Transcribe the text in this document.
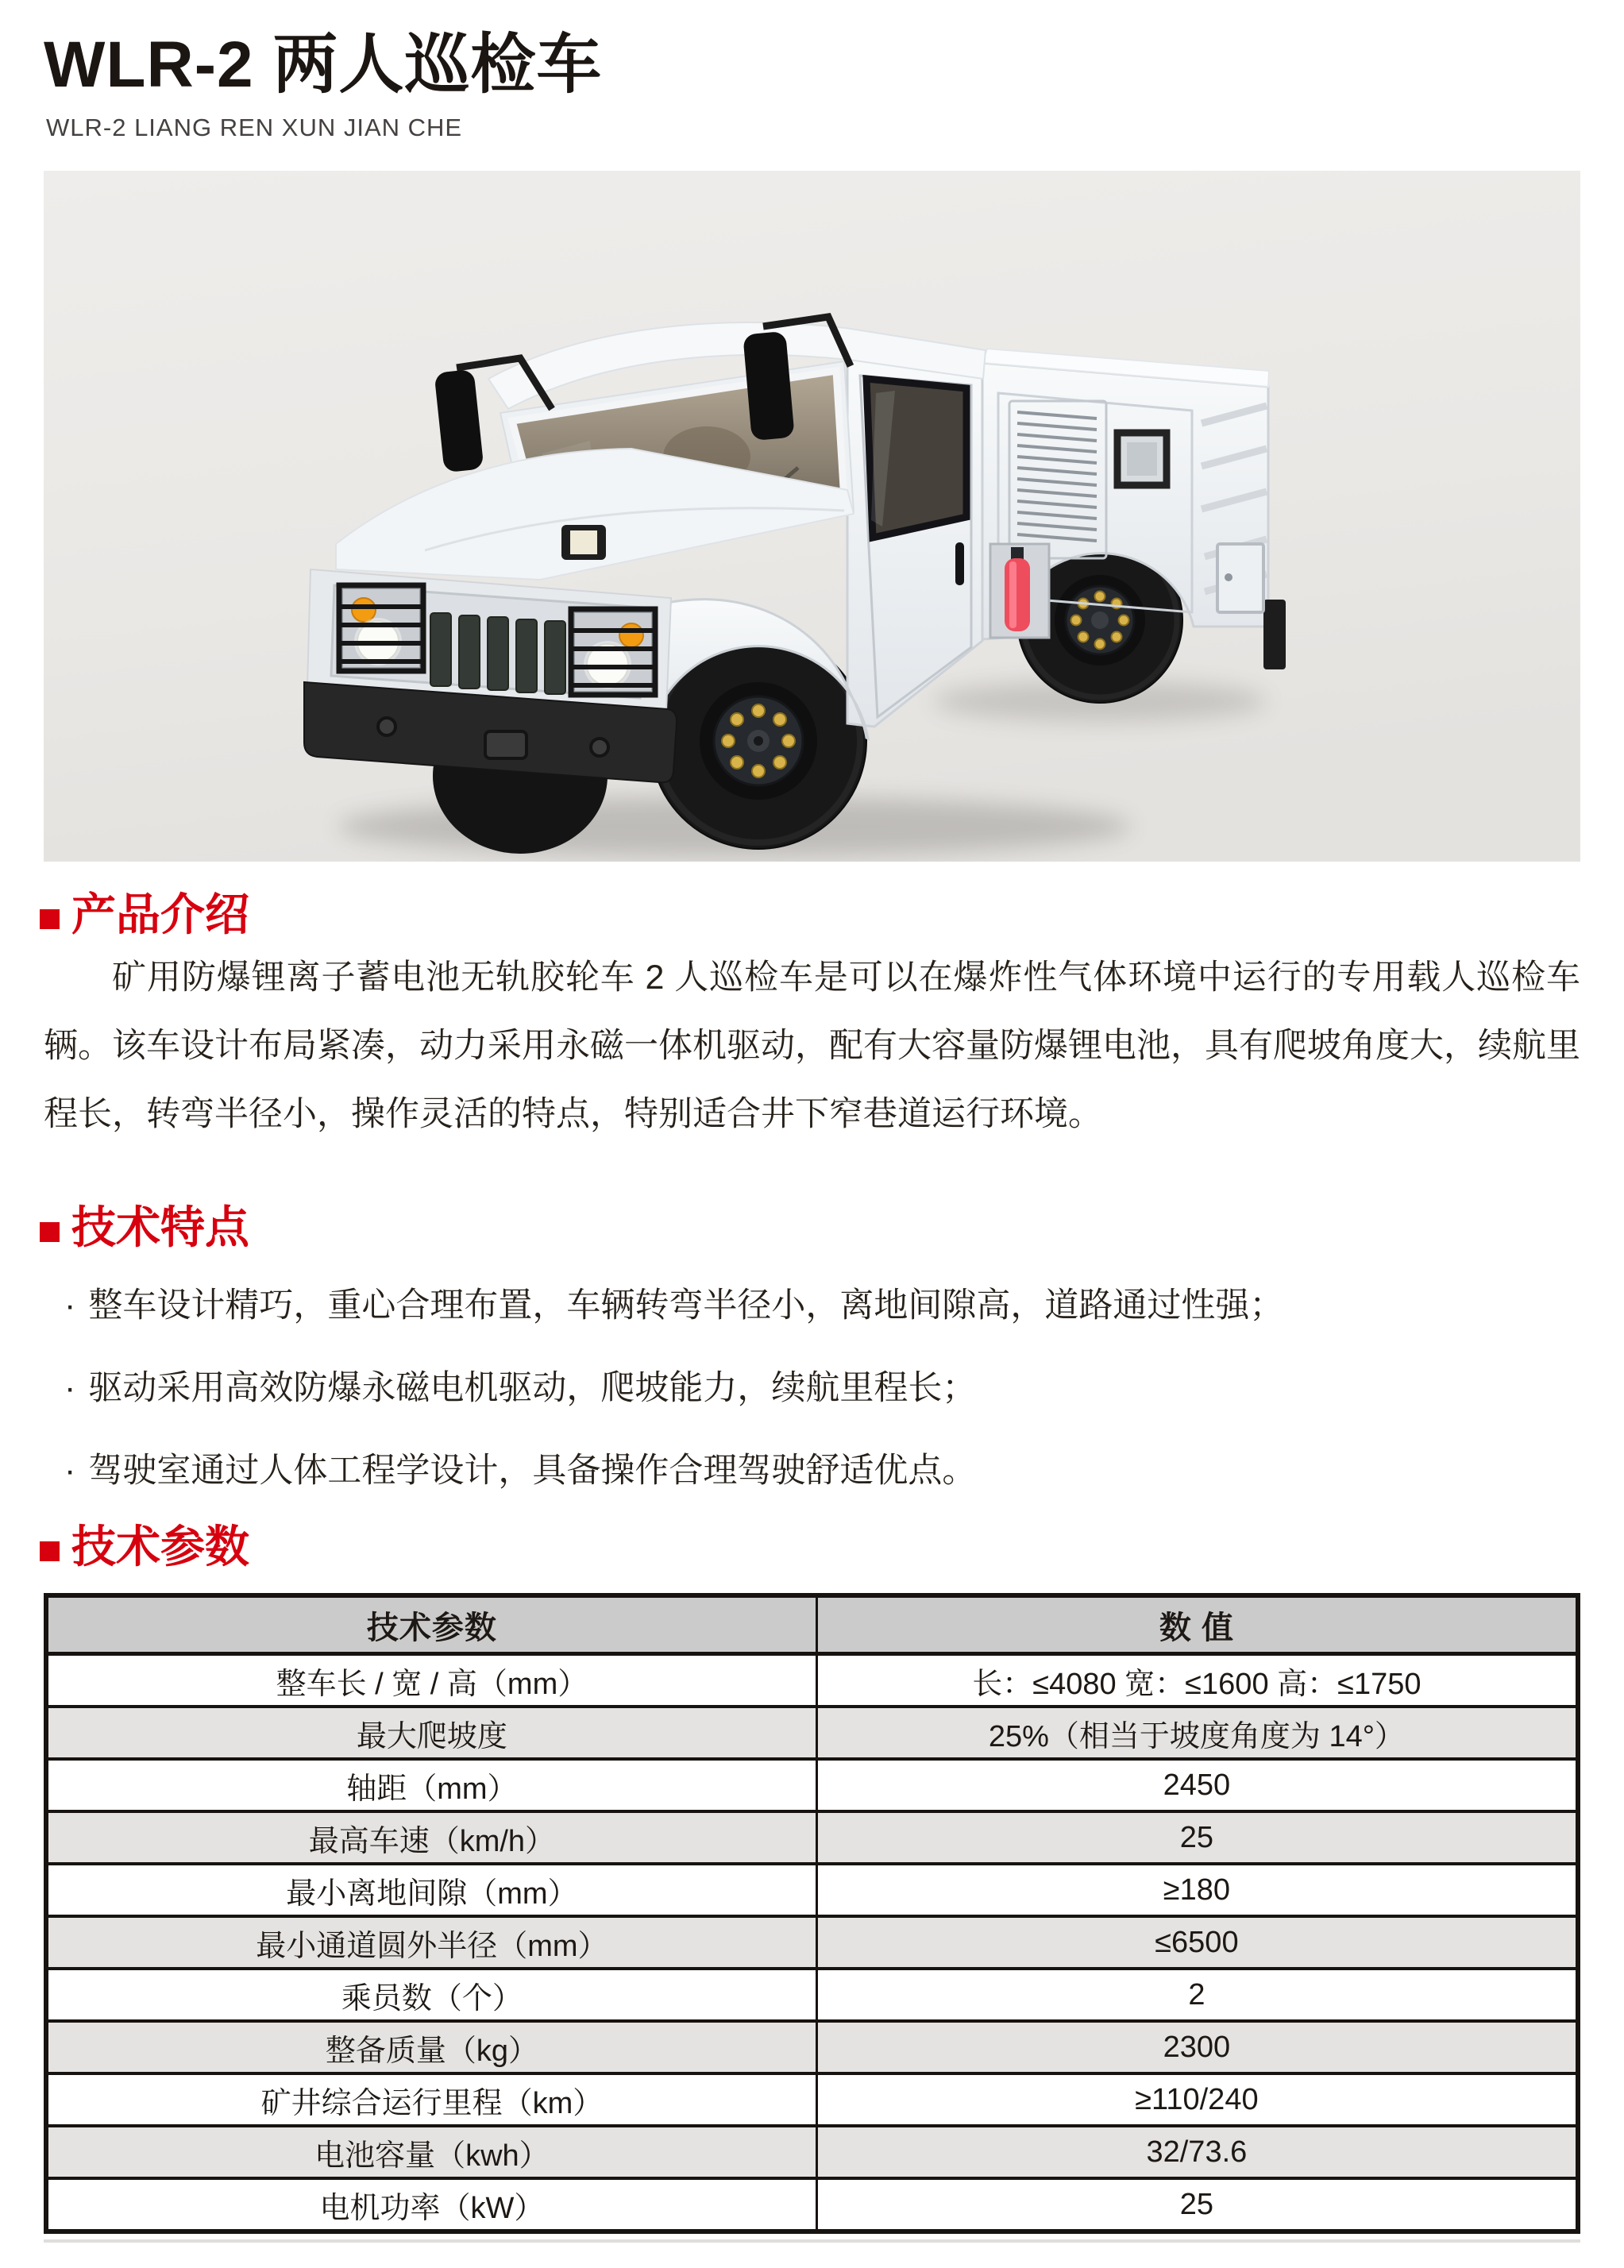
WLR-2 两人巡检车
WLR-2 LIANG REN XUN JIAN CHE
产品介绍
矿用防爆锂离子蓄电池无轨胶轮车 2 人巡检车是可以在爆炸性气体环境中运行的专用载人巡检车辆。该车设计布局紧凑，动力采用永磁一体机驱动，配有大容量防爆锂电池，具有爬坡角度大，续航里程长，转弯半径小，操作灵活的特点，特别适合井下窄巷道运行环境。
技术特点
· 整车设计精巧，重心合理布置，车辆转弯半径小，离地间隙高，道路通过性强；
· 驱动采用高效防爆永磁电机驱动，爬坡能力，续航里程长；
· 驾驶室通过人体工程学设计，具备操作合理驾驶舒适优点。
技术参数
技术参数	数 值
整车长 / 宽 / 高（mm）	长：≤4080 宽：≤1600 高：≤1750
最大爬坡度	25%（相当于坡度角度为 14°）
轴距（mm）	2450
最高车速（km/h）	25
最小离地间隙（mm）	≥180
最小通道圆外半径（mm）	≤6500
乘员数（个）	2
整备质量（kg）	2300
矿井综合运行里程（km）	≥110/240
电池容量（kwh）	32/73.6
电机功率（kW）	25
